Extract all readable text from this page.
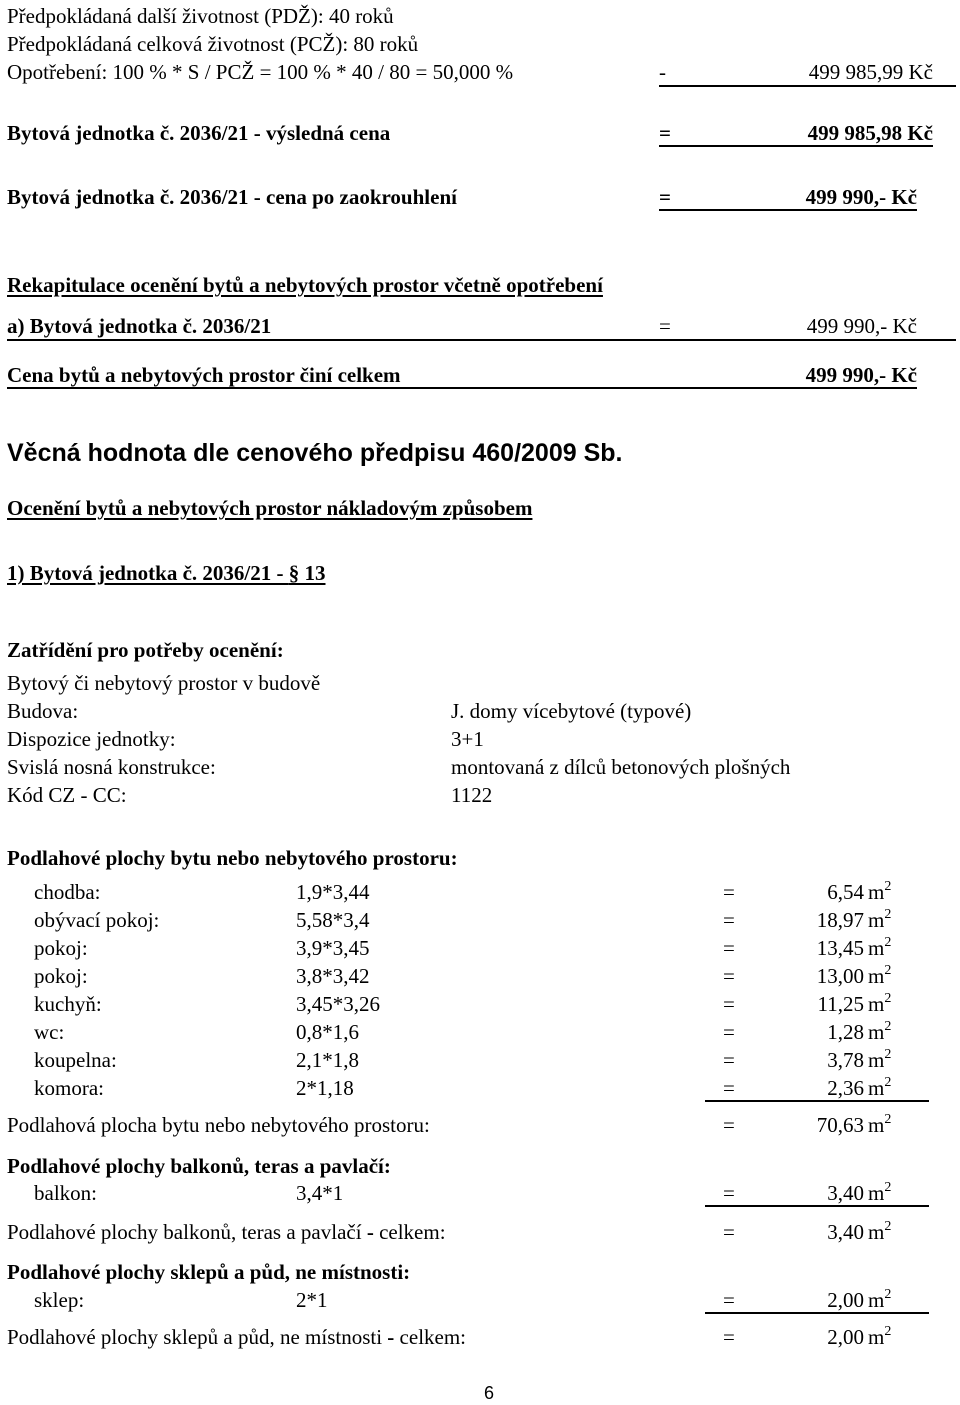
Předpokládaná další životnost (PDŽ): 40 roků
Předpokládaná celková životnost (PCŽ): 80 roků
Opotřebení: 100 % * S / PCŽ = 100 % * 40 / 80 = 50,000 %	-	499 985,99 Kč
Bytová jednotka č. 2036/21 - výsledná cena	=	499 985,98 Kč
Bytová jednotka č. 2036/21 - cena po zaokrouhlení	=	499 990,- Kč
Rekapitulace ocenění bytů a nebytových prostor včetně opotřebení
a) Bytová jednotka č. 2036/21	=	499 990,- Kč
Cena bytů a nebytových prostor činí celkem	499 990,- Kč
Věcná hodnota dle cenového předpisu 460/2009 Sb.
Ocenění bytů a nebytových prostor nákladovým způsobem
1) Bytová jednotka č. 2036/21 - § 13
Zatřídění pro potřeby ocenění:
Bytový či nebytový prostor v budově
Budova:	J. domy vícebytové (typové)
Dispozice jednotky:	3+1
Svislá nosná konstrukce:	montovaná z dílců betonových plošných
Kód CZ - CC:	1122
Podlahové plochy bytu nebo nebytového prostoru:
chodba:	1,9*3,44	=	6,54 $m^2$
obývací pokoj:	5,58*3,4	=	18,97 $m^2$
pokoj:	3,9*3,45	=	13,45 $m^2$
pokoj:	3,8*3,42	=	13,00 $m^2$
kuchyň:	3,45*3,26	=	11,25 $m^2$
wc:	0,8*1,6	=	1,28 $m^2$
koupelna:	2,1*1,8	=	3,78 $m^2$
komora:	2*1,18	=	2,36 $m^2$
Podlahová plocha bytu nebo nebytového prostoru:	=	70,63 $m^2$
Podlahové plochy balkonů, teras a pavlačí:
balkon:	3,4*1	=	3,40 $m^2$
Podlahové plochy balkonů, teras a pavlačí - celkem:	=	3,40 $m^2$
Podlahové plochy sklepů a půd, ne místnosti:
sklep:	2*1	=	2,00 $m^2$
Podlahové plochy sklepů a půd, ne místnosti - celkem:	=	2,00 $m^2$
6
